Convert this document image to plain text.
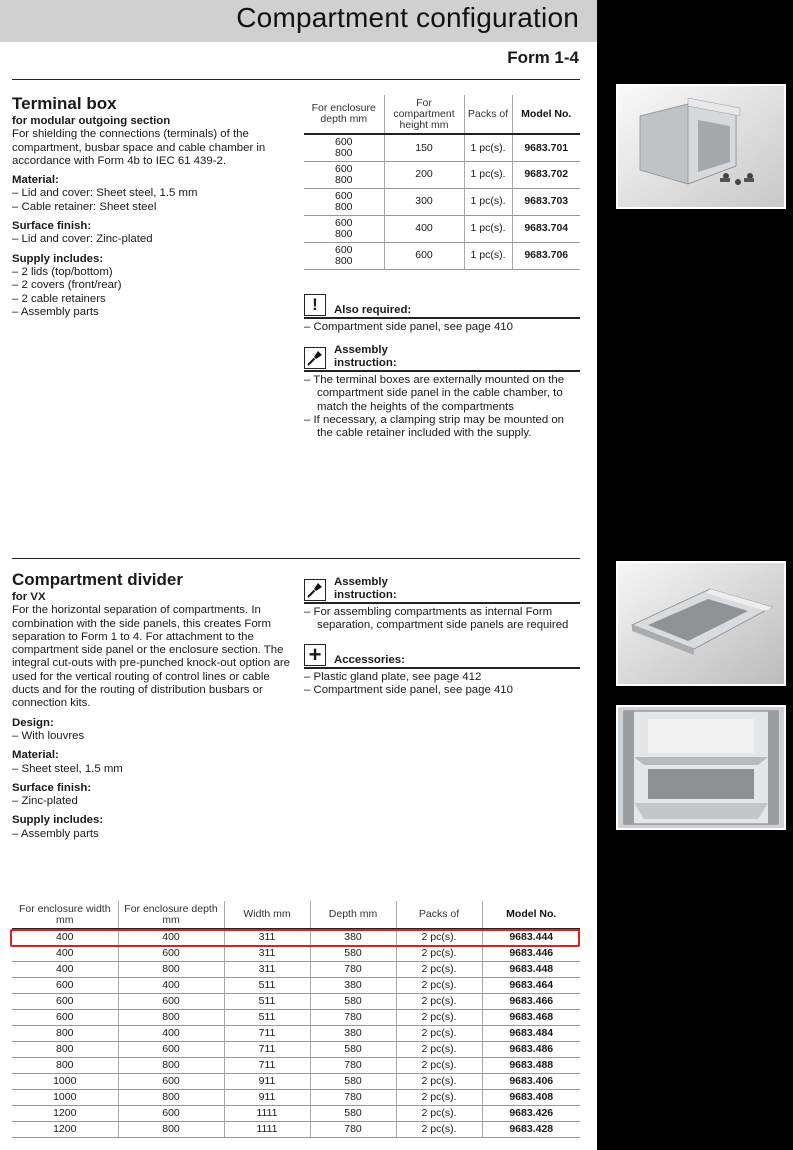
Compartment configuration
Form 1-4
Terminal box
for modular outgoing section
For shielding the connections (terminals) of the compartment, busbar space and cable chamber in accordance with Form 4b to IEC 61 439-2.
Material:
– Lid and cover: Sheet steel, 1.5 mm
– Cable retainer: Sheet steel
Surface finish:
– Lid and cover: Zinc-plated
Supply includes:
– 2 lids (top/bottom)
– 2 covers (front/rear)
– 2 cable retainers
– Assembly parts
For enclosure depth mm	For compartment height mm	Packs of	Model No.
600
800	150	1 pc(s).	9683.701
600
800	200	1 pc(s).	9683.702
600
800	300	1 pc(s).	9683.703
600
800	400	1 pc(s).	9683.704
600
800	600	1 pc(s).	9683.706
!	Also required:
– Compartment side panel, see page 410
Assembly
instruction:
– The terminal boxes are externally mounted on the compartment side panel in the cable chamber, to match the heights of the compartments
– If necessary, a clamping strip may be mounted on the cable retainer included with the supply.
Compartment divider
for VX
For the horizontal separation of compartments. In combination with the side panels, this creates Form separation to Form 1 to 4. For attachment to the compartment side panel or the enclosure section. The integral cut-outs with pre-punched knock-out option are used for the vertical routing of control lines or cable ducts and for the routing of distribution busbars or connection kits.
Design:
– With louvres
Material:
– Sheet steel, 1.5 mm
Surface finish:
– Zinc-plated
Supply includes:
– Assembly parts
Assembly
instruction:
– For assembling compartments as internal Form separation, compartment side panels are required
+	Accessories:
– Plastic gland plate, see page 412
– Compartment side panel, see page 410
For enclosure width mm	For enclosure depth mm	Width mm	Depth mm	Packs of	Model No.
400	400	311	380	2 pc(s).	9683.444
400	600	311	580	2 pc(s).	9683.446
400	800	311	780	2 pc(s).	9683.448
600	400	511	380	2 pc(s).	9683.464
600	600	511	580	2 pc(s).	9683.466
600	800	511	780	2 pc(s).	9683.468
800	400	711	380	2 pc(s).	9683.484
800	600	711	580	2 pc(s).	9683.486
800	800	711	780	2 pc(s).	9683.488
1000	600	911	580	2 pc(s).	9683.406
1000	800	911	780	2 pc(s).	9683.408
1200	600	1111	580	2 pc(s).	9683.426
1200	800	1111	780	2 pc(s).	9683.428
